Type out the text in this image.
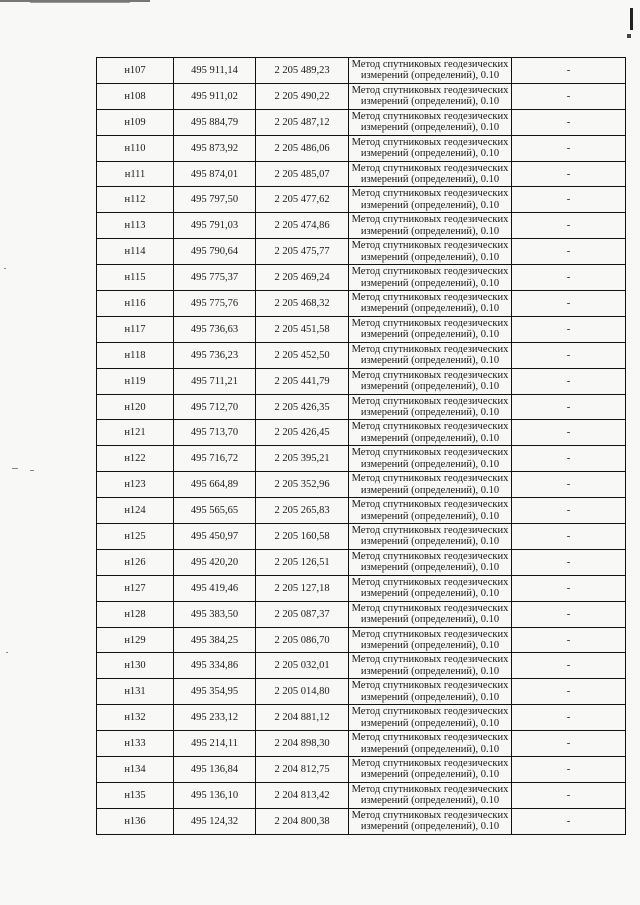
н107	495 911,14	2 205 489,23	Метод спутниковых геодезических
измерений (определений), 0.10	-
н108	495 911,02	2 205 490,22	Метод спутниковых геодезических
измерений (определений), 0.10	-
н109	495 884,79	2 205 487,12	Метод спутниковых геодезических
измерений (определений), 0.10	-
н110	495 873,92	2 205 486,06	Метод спутниковых геодезических
измерений (определений), 0.10	-
н111	495 874,01	2 205 485,07	Метод спутниковых геодезических
измерений (определений), 0.10	-
н112	495 797,50	2 205 477,62	Метод спутниковых геодезических
измерений (определений), 0.10	-
н113	495 791,03	2 205 474,86	Метод спутниковых геодезических
измерений (определений), 0.10	-
н114	495 790,64	2 205 475,77	Метод спутниковых геодезических
измерений (определений), 0.10	-
н115	495 775,37	2 205 469,24	Метод спутниковых геодезических
измерений (определений), 0.10	-
н116	495 775,76	2 205 468,32	Метод спутниковых геодезических
измерений (определений), 0.10	-
н117	495 736,63	2 205 451,58	Метод спутниковых геодезических
измерений (определений), 0.10	-
н118	495 736,23	2 205 452,50	Метод спутниковых геодезических
измерений (определений), 0.10	-
н119	495 711,21	2 205 441,79	Метод спутниковых геодезических
измерений (определений), 0.10	-
н120	495 712,70	2 205 426,35	Метод спутниковых геодезических
измерений (определений), 0.10	-
н121	495 713,70	2 205 426,45	Метод спутниковых геодезических
измерений (определений), 0.10	-
н122	495 716,72	2 205 395,21	Метод спутниковых геодезических
измерений (определений), 0.10	-
н123	495 664,89	2 205 352,96	Метод спутниковых геодезических
измерений (определений), 0.10	-
н124	495 565,65	2 205 265,83	Метод спутниковых геодезических
измерений (определений), 0.10	-
н125	495 450,97	2 205 160,58	Метод спутниковых геодезических
измерений (определений), 0.10	-
н126	495 420,20	2 205 126,51	Метод спутниковых геодезических
измерений (определений), 0.10	-
н127	495 419,46	2 205 127,18	Метод спутниковых геодезических
измерений (определений), 0.10	-
н128	495 383,50	2 205 087,37	Метод спутниковых геодезических
измерений (определений), 0.10	-
н129	495 384,25	2 205 086,70	Метод спутниковых геодезических
измерений (определений), 0.10	-
н130	495 334,86	2 205 032,01	Метод спутниковых геодезических
измерений (определений), 0.10	-
н131	495 354,95	2 205 014,80	Метод спутниковых геодезических
измерений (определений), 0.10	-
н132	495 233,12	2 204 881,12	Метод спутниковых геодезических
измерений (определений), 0.10	-
н133	495 214,11	2 204 898,30	Метод спутниковых геодезических
измерений (определений), 0.10	-
н134	495 136,84	2 204 812,75	Метод спутниковых геодезических
измерений (определений), 0.10	-
н135	495 136,10	2 204 813,42	Метод спутниковых геодезических
измерений (определений), 0.10	-
н136	495 124,32	2 204 800,38	Метод спутниковых геодезических
измерений (определений), 0.10	-
